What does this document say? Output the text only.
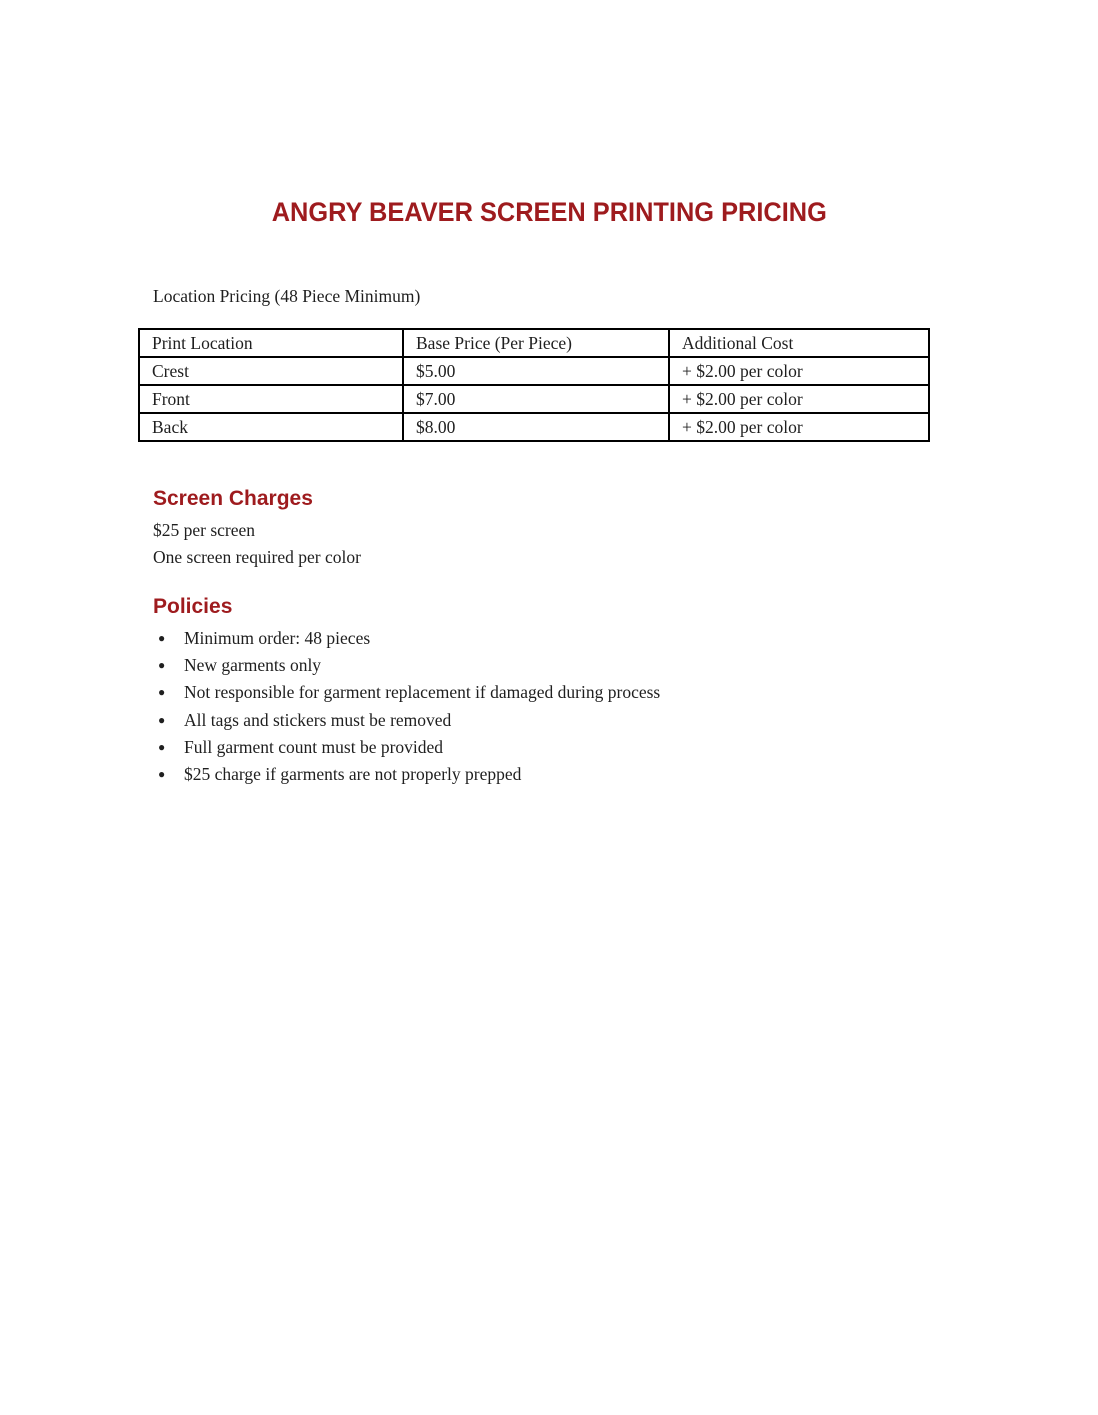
ANGRY BEAVER SCREEN PRINTING PRICING

Location Pricing (48 Piece Minimum)

Print Location	Base Price (Per Piece)	Additional Cost
Crest	$5.00	+ $2.00 per color
Front	$7.00	+ $2.00 per color
Back	$8.00	+ $2.00 per color
Screen Charges

$25 per screen

One screen required per color

Policies
● Minimum order: 48 pieces
● New garments only
● Not responsible for garment replacement if damaged during process
● All tags and stickers must be removed
● Full garment count must be provided
● $25 charge if garments are not properly prepped
